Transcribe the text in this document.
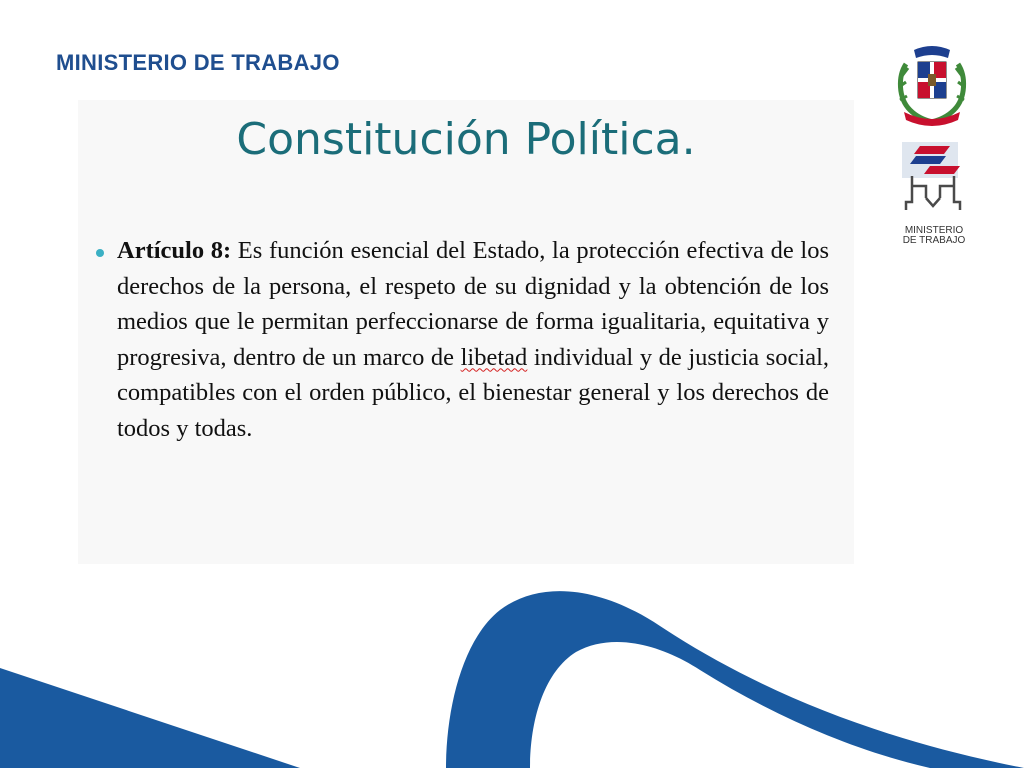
MINISTERIO DE TRABAJO
MINISTERIO
DE TRABAJO
Constitución Política.

Artículo 8: Es función esencial del Estado, la protección efectiva de los derechos de la persona, el respeto de su dignidad y la obtención de los medios que le permitan perfeccionarse de forma igualitaria, equitativa y progresiva, dentro de un marco de libetad individual y de justicia social, compatibles con el orden público, el bienestar general y los derechos de todos y todas.
